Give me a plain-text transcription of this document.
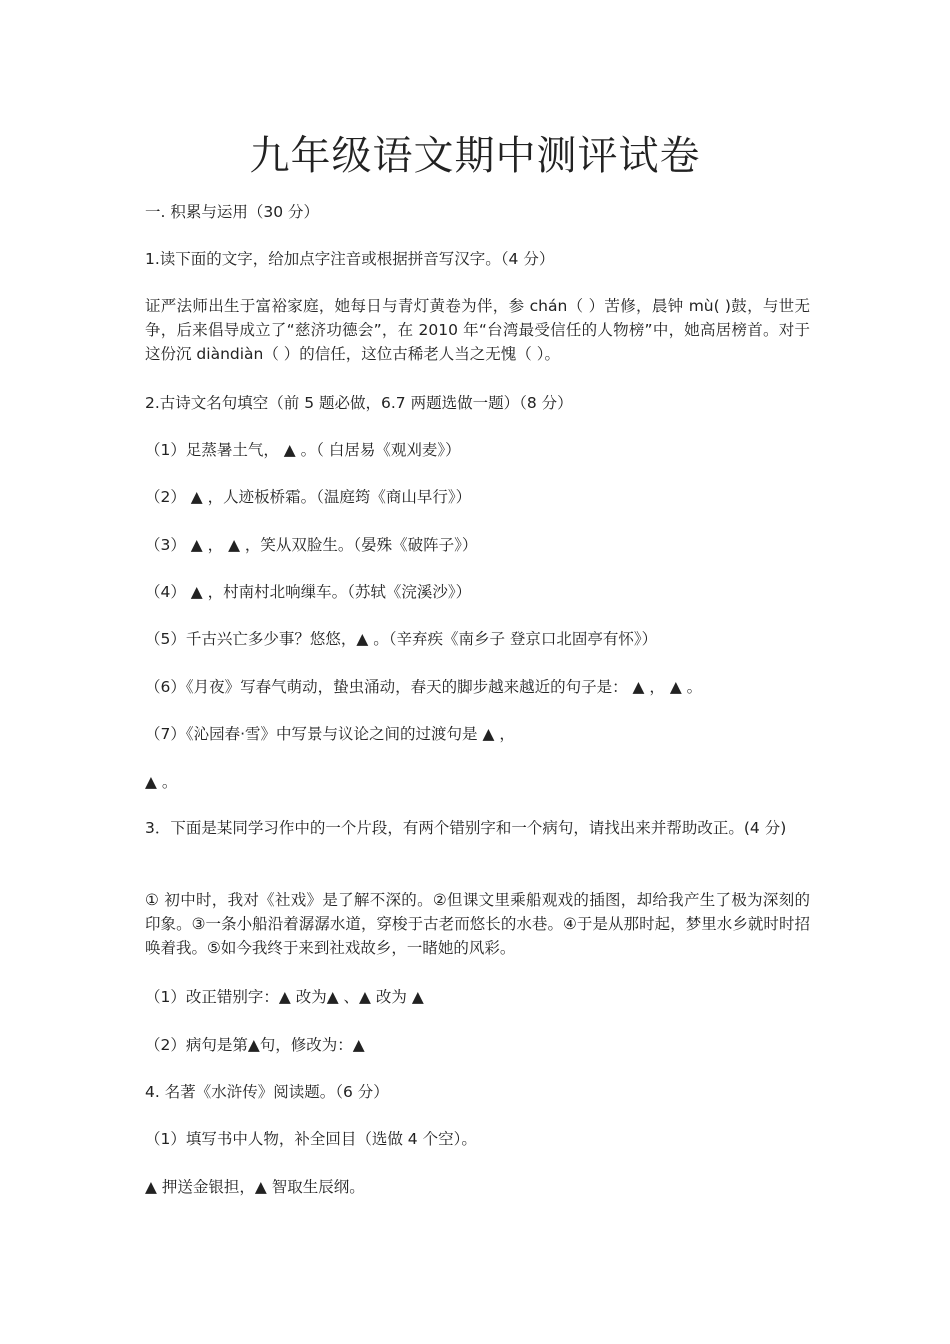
九年级语文期中测评试卷
一. 积累与运用（30 分）
1.读下面的文字，给加点字注音或根据拼音写汉字。（4 分）
证严法师出生于富裕家庭，她每日与青灯黄卷为伴，参 chán（ ）苦修，晨钟 mù( )鼓，与世无争，后来倡导成立了“慈济功德会”，在 2010 年“台湾最受信任的人物榜”中，她高居榜首。对于这份沉 diàndiàn（ ）的信任，这位古稀老人当之无愧（ ）。
2.古诗文名句填空（前 5 题必做，6.7 两题选做一题）（8 分）
（1）足蒸暑土气， ▲ 。（ 白居易《观刈麦》）
（2） ▲ ，人迹板桥霜。（温庭筠《商山早行》）
（3） ▲ ， ▲ ，笑从双脸生。（晏殊《破阵子》）
（4） ▲ ，村南村北响缫车。（苏轼《浣溪沙》）
（5）千古兴亡多少事？悠悠，▲ 。（辛弃疾《南乡子 登京口北固亭有怀》）
（6）《月夜》写春气萌动，蛰虫涌动，春天的脚步越来越近的句子是： ▲ ， ▲ 。
（7）《沁园春·雪》中写景与议论之间的过渡句是 ▲ ，
▲ 。
3．下面是某同学习作中的一个片段，有两个错别字和一个病句，请找出来并帮助改正。(4 分)
① 初中时，我对《社戏》是了解不深的。②但课文里乘船观戏的插图，却给我产生了极为深刻的印象。③一条小船沿着潺潺水道，穿梭于古老而悠长的水巷。④于是从那时起，梦里水乡就时时招唤着我。⑤如今我终于来到社戏故乡，一睹她的风彩。
（1）改正错别字：▲ 改为▲ 、▲ 改为 ▲
（2）病句是第▲句，修改为：▲
4. 名著《水浒传》阅读题。（6 分）
（1）填写书中人物，补全回目（选做 4 个空）。
▲ 押送金银担，▲ 智取生辰纲。
